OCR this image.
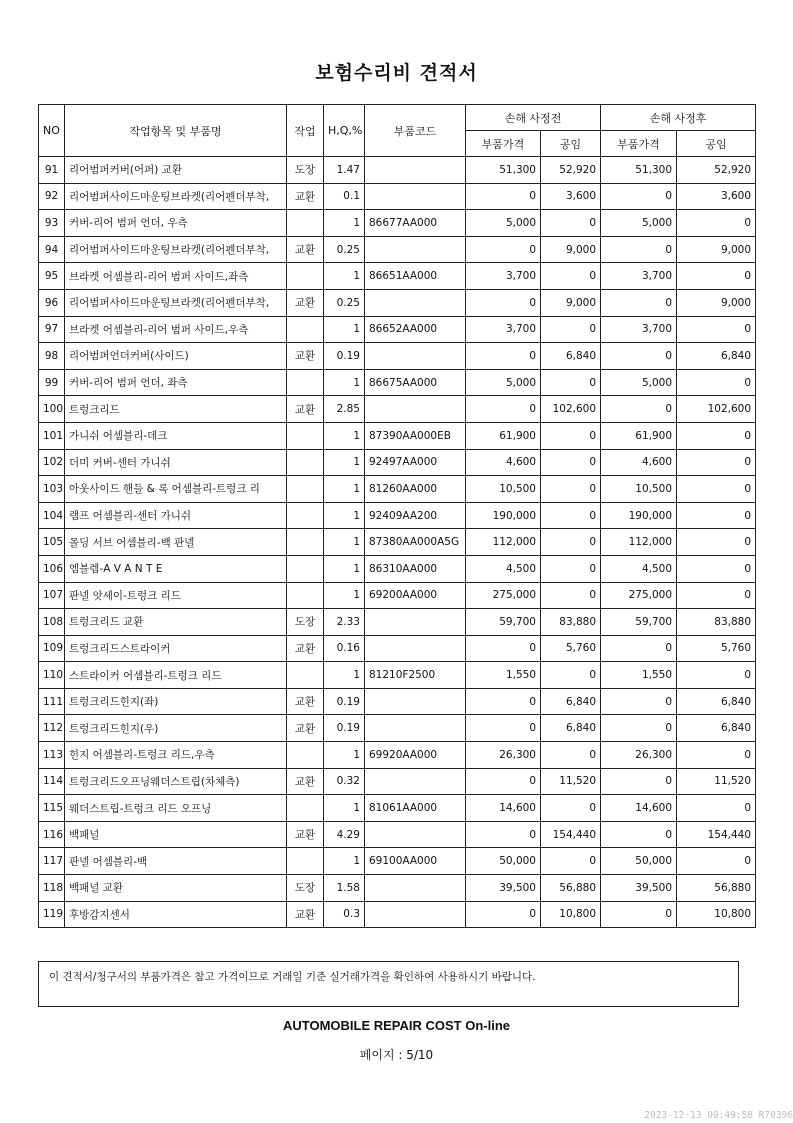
보험수리비 견적서
NO	작업항목 및 부품명	작업	H,Q,%	부품코드	손해 사정전		손해 사정후	
					부품가격	공임	부품가격	공임
91	리어범퍼커버(어퍼) 교환	도장	1.47		51,300	52,920	51,300	52,920
92	리어범퍼사이드마운팅브라켓(리어펜더부착,	교환	0.1		0	3,600	0	3,600
93	커버-리어 범퍼 언더, 우측		1	86677AA000	5,000	0	5,000	0
94	리어범퍼사이드마운팅브라켓(리어펜더부착,	교환	0.25		0	9,000	0	9,000
95	브라켓 어셈블리-리어 범퍼 사이드,좌측		1	86651AA000	3,700	0	3,700	0
96	리어범퍼사이드마운팅브라켓(리어펜더부착,	교환	0.25		0	9,000	0	9,000
97	브라켓 어셈블리-리어 범퍼 사이드,우측		1	86652AA000	3,700	0	3,700	0
98	리어범퍼언더커버(사이드)	교환	0.19		0	6,840	0	6,840
99	커버-리어 범퍼 언더, 좌측		1	86675AA000	5,000	0	5,000	0
100	트렁크리드	교환	2.85		0	102,600	0	102,600
101	가니쉬 어셈블리-데크		1	87390AA000EB	61,900	0	61,900	0
102	더미 커버-센터 가니쉬		1	92497AA000	4,600	0	4,600	0
103	아웃사이드 핸들 & 록 어셈블리-트렁크 리		1	81260AA000	10,500	0	10,500	0
104	램프 어셈블리-센터 가니쉬		1	92409AA200	190,000	0	190,000	0
105	몰딩 서브 어셈블리-백 판넬		1	87380AA000A5G	112,000	0	112,000	0
106	엠블렘-A V A N T E		1	86310AA000	4,500	0	4,500	0
107	판넬 앗세이-트렁크 리드		1	69200AA000	275,000	0	275,000	0
108	트렁크리드 교환	도장	2.33		59,700	83,880	59,700	83,880
109	트렁크리드스트라이커	교환	0.16		0	5,760	0	5,760
110	스트라이커 어셈블리-트렁크 리드		1	81210F2500	1,550	0	1,550	0
111	트렁크리드힌지(좌)	교환	0.19		0	6,840	0	6,840
112	트렁크리드힌지(우)	교환	0.19		0	6,840	0	6,840
113	힌지 어셈블리-트렁크 리드,우측		1	69920AA000	26,300	0	26,300	0
114	트렁크리드오프닝웨더스트립(차체측)	교환	0.32		0	11,520	0	11,520
115	웨더스트립-트렁크 리드 오프닝		1	81061AA000	14,600	0	14,600	0
116	백패널	교환	4.29		0	154,440	0	154,440
117	판넬 어셈블리-백		1	69100AA000	50,000	0	50,000	0
118	백패널 교환	도장	1.58		39,500	56,880	39,500	56,880
119	후방감지센서	교환	0.3		0	10,800	0	10,800
이 견적서/청구서의 부품가격은 참고 가격이므로 거래일 기준 실거래가격을 확인하여 사용하시기 바랍니다.
AUTOMOBILE REPAIR COST On-line
페이지 : 5/10
2023-12-13 09:49:58 R70396
